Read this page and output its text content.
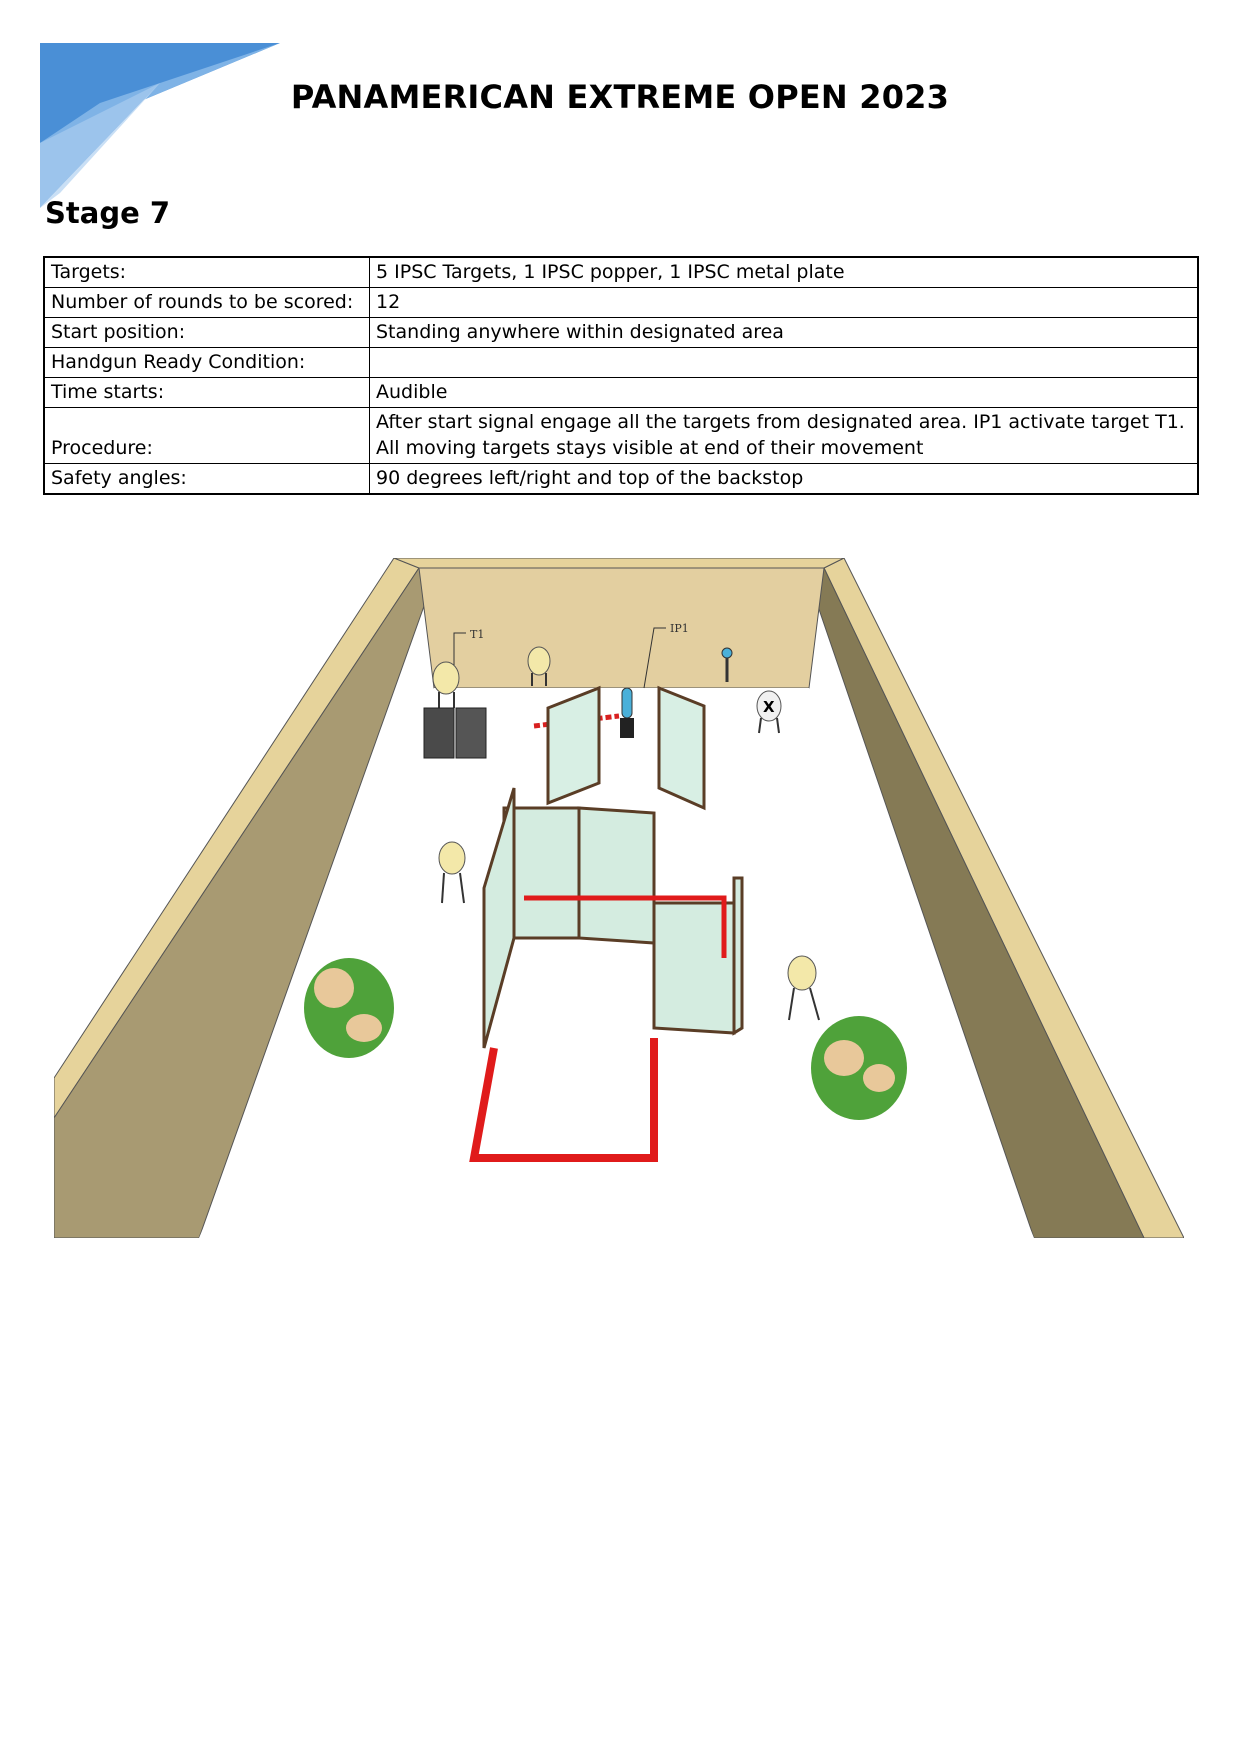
PANAMERICAN EXTREME OPEN 2023
Stage 7
Targets:	5 IPSC Targets, 1 IPSC popper, 1 IPSC metal plate
Number of rounds to be scored:	12
Start position:	Standing anywhere within designated area
Handgun Ready Condition:	
Time starts:	Audible
Procedure:	After start signal engage all the targets from designated area. IP1 activate target T1. All moving targets stays visible at end of their movement
Safety angles:	90 degrees left/right and top of the backstop
T1	IP1
X
